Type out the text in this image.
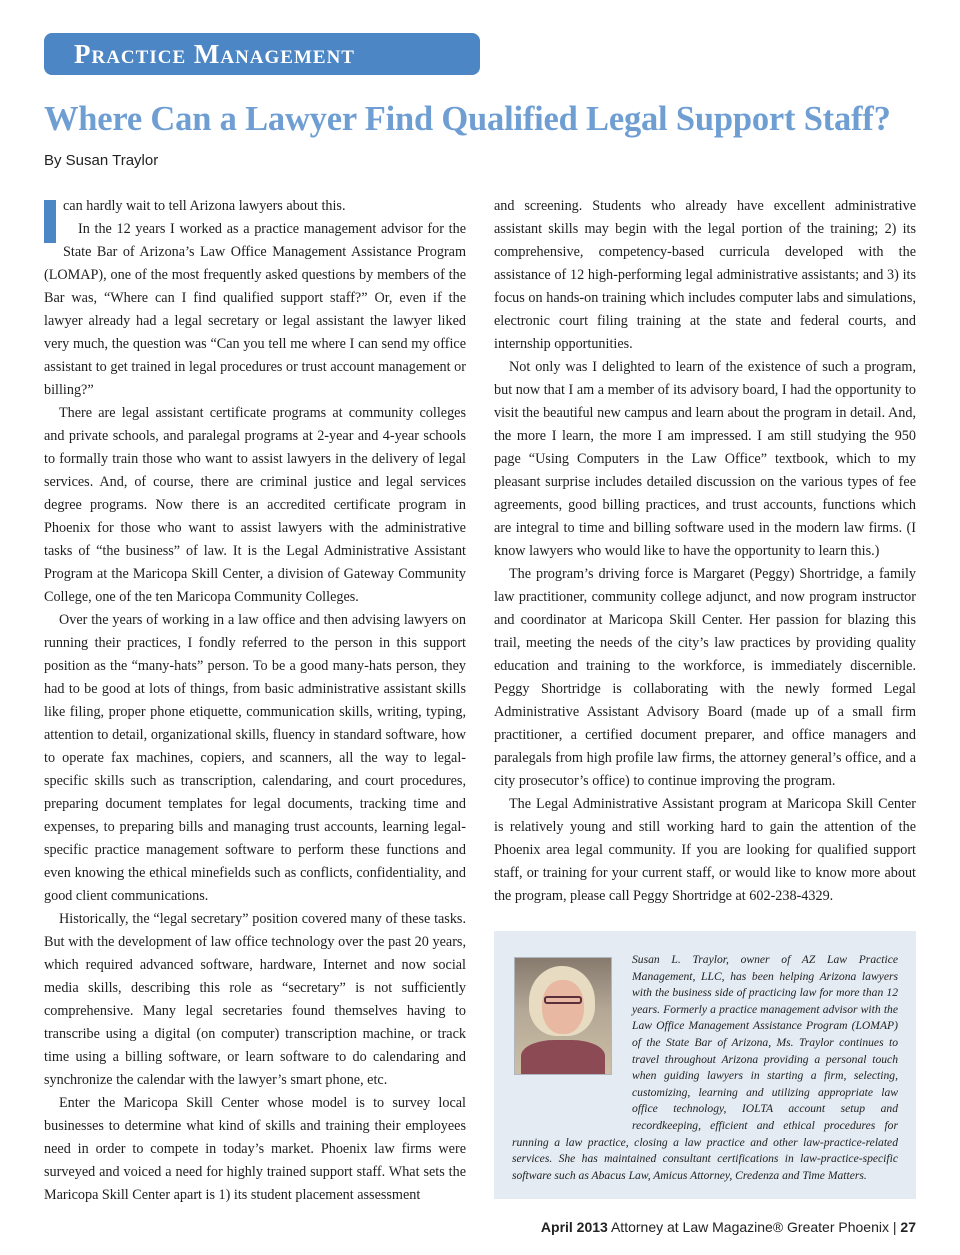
Practice Management
Where Can a Lawyer Find Qualified Legal Support Staff?
By Susan Traylor

can hardly wait to tell Arizona lawyers about this.

In the 12 years I worked as a practice management advisor for the State Bar of Arizona’s Law Office Management Assistance Program (LOMAP), one of the most frequently asked questions by members of the Bar was, “Where can I find qualified support staff?” Or, even if the lawyer already had a legal secretary or legal assistant the lawyer liked very much, the question was “Can you tell me where I can send my office assistant to get trained in legal procedures or trust account management or billing?”

There are legal assistant certificate programs at community colleges and private schools, and paralegal programs at 2-year and 4-year schools to formally train those who want to assist lawyers in the delivery of legal services. And, of course, there are criminal justice and legal services degree programs. Now there is an accredited certificate program in Phoenix for those who want to assist lawyers with the administrative tasks of “the business” of law. It is the Legal Administrative Assistant Program at the Maricopa Skill Center, a division of Gateway Community College, one of the ten Maricopa Community Colleges.

Over the years of working in a law office and then advising lawyers on running their practices, I fondly referred to the person in this support position as the “many-hats” person. To be a good many-hats person, they had to be good at lots of things, from basic administrative assistant skills like filing, proper phone etiquette, communication skills, writing, typing, attention to detail, organizational skills, fluency in standard software, how to operate fax machines, copiers, and scanners, all the way to legal-specific skills such as transcription, calendaring, and court procedures, preparing document templates for legal documents, tracking time and expenses, to preparing bills and managing trust accounts, learning legal-specific practice management software to perform these functions and even knowing the ethical minefields such as conflicts, confidentiality, and good client communications.

Historically, the “legal secretary” position covered many of these tasks. But with the development of law office technology over the past 20 years, which required advanced software, hardware, Internet and now social media skills, describing this role as “secretary” is not sufficiently comprehensive. Many legal secretaries found themselves having to transcribe using a digital (on computer) transcription machine, or track time using a billing software, or learn software to do calendaring and synchronize the calendar with the lawyer’s smart phone, etc.

Enter the Maricopa Skill Center whose model is to survey local businesses to determine what kind of skills and training their employees need in order to compete in today’s market. Phoenix law firms were surveyed and voiced a need for highly trained support staff. What sets the Maricopa Skill Center apart is 1) its student placement assessment

and screening. Students who already have excellent administrative assistant skills may begin with the legal portion of the training; 2) its comprehensive, competency-based curricula developed with the assistance of 12 high-performing legal administrative assistants; and 3) its focus on hands-on training which includes computer labs and simulations, electronic court filing training at the state and federal courts, and internship opportunities.

Not only was I delighted to learn of the existence of such a program, but now that I am a member of its advisory board, I had the opportunity to visit the beautiful new campus and learn about the program in detail. And, the more I learn, the more I am impressed. I am still studying the 950 page “Using Computers in the Law Office” textbook, which to my pleasant surprise includes detailed discussion on the various types of fee agreements, good billing practices, and trust accounts, functions which are integral to time and billing software used in the modern law firms. (I know lawyers who would like to have the opportunity to learn this.)

The program’s driving force is Margaret (Peggy) Shortridge, a family law practitioner, community college adjunct, and now program instructor and coordinator at Maricopa Skill Center. Her passion for blazing this trail, meeting the needs of the city’s law practices by providing quality education and training to the workforce, is immediately discernible. Peggy Shortridge is collaborating with the newly formed Legal Administrative Assistant Advisory Board (made up of a small firm practitioner, a certified document preparer, and office managers and paralegals from high profile law firms, the attorney general’s office, and a city prosecutor’s office) to continue improving the program.

The Legal Administrative Assistant program at Maricopa Skill Center is relatively young and still working hard to gain the attention of the Phoenix area legal community. If you are looking for qualified support staff, or training for your current staff, or would like to know more about the program, please call Peggy Shortridge at 602-238-4329.

Susan L. Traylor, owner of AZ Law Practice Management, LLC, has been helping Arizona lawyers with the business side of practicing law for more than 12 years. Formerly a practice management advisor with the Law Office Management Assistance Program (LOMAP) of the State Bar of Arizona, Ms. Traylor continues to travel throughout Arizona providing a personal touch when guiding lawyers in starting a firm, selecting, customizing, learning and utilizing appropriate law office technology, IOLTA account setup and recordkeeping, efficient and ethical procedures for running a law practice, closing a law practice and other law-practice-related services. She has maintained consultant certifications in law-practice-specific software such as Abacus Law, Amicus Attorney, Credenza and Time Matters.

April 2013 Attorney at Law Magazine® Greater Phoenix | 27
